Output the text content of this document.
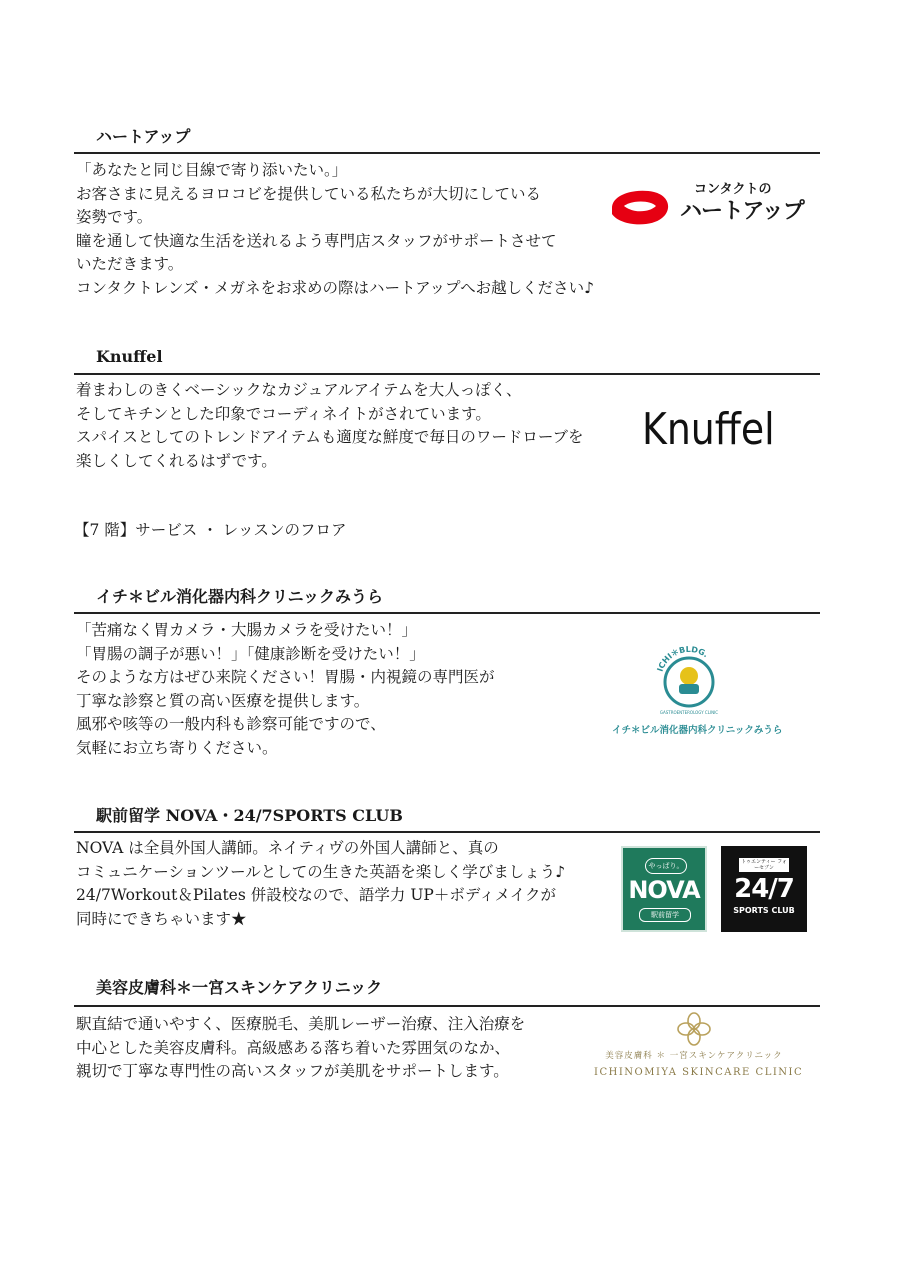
ハートアップ
「あなたと同じ目線で寄り添いたい。」
お客さまに見えるヨロコビを提供している私たちが大切にしている
姿勢です。
瞳を通して快適な生活を送れるよう専門店スタッフがサポートさせて
いただきます。
コンタクトレンズ・メガネをお求めの際はハートアップへお越しください♪
コンタクトの
ハートアップ
Knuffel
着まわしのきくベーシックなカジュアルアイテムを大人っぽく、
そしてキチンとした印象でコーディネイトがされています。
スパイスとしてのトレンドアイテムも適度な鮮度で毎日のワードローブを
楽しくしてくれるはずです。
Knuffel
【7 階】サービス ・ レッスンのフロア
イチ＊ビル消化器内科クリニックみうら
「苦痛なく胃カメラ・大腸カメラを受けたい！」
「胃腸の調子が悪い！」「健康診断を受けたい！」
そのような方はぜひ来院ください！胃腸・内視鏡の専門医が
丁寧な診察と質の高い医療を提供します。
風邪や咳等の一般内科も診察可能ですので、
気軽にお立ち寄りください。
ICHI＊BLDG.
GASTROENTEROLOGY CLINIC
イチ＊ビル消化器内科クリニックみうら
駅前留学 NOVA・24/7SPORTS CLUB
NOVA は全員外国人講師。ネイティヴの外国人講師と、真の
コミュニケーションツールとしての生きた英語を楽しく学びましょう♪
24/7Workout＆Pilates 併設校なので、語学力 UP＋ボディメイクが
同時にできちゃいます★
やっぱり。
NOVA
駅前留学
トゥエンティー フォーセブン
24/7
SPORTS CLUB
美容皮膚科＊一宮スキンケアクリニック
駅直結で通いやすく、医療脱毛、美肌レーザー治療、注入治療を
中心とした美容皮膚科。高級感ある落ち着いた雰囲気のなか、
親切で丁寧な専門性の高いスタッフが美肌をサポートします。
美容皮膚科 ＊ 一宮スキンケアクリニック
ICHINOMIYA SKINCARE CLINIC
